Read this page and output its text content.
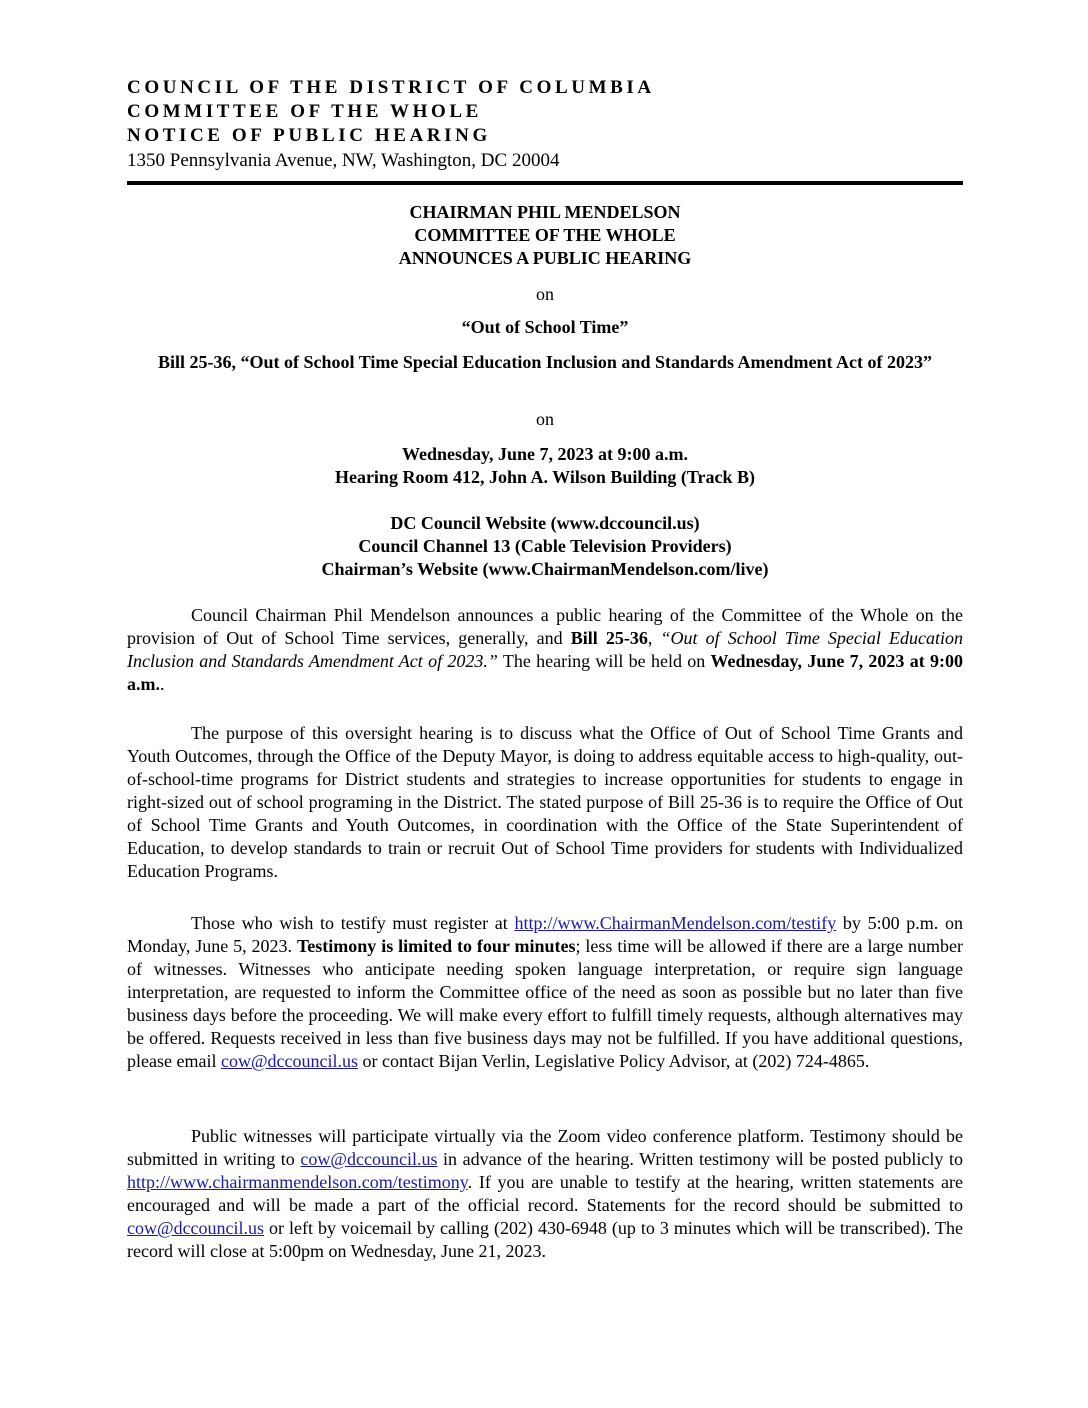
COUNCIL OF THE DISTRICT OF COLUMBIA
COMMITTEE OF THE WHOLE
NOTICE OF PUBLIC HEARING
1350 Pennsylvania Avenue, NW, Washington, DC 20004
CHAIRMAN PHIL MENDELSON
COMMITTEE OF THE WHOLE
ANNOUNCES A PUBLIC HEARING
on
“Out of School Time”
Bill 25-36, “Out of School Time Special Education Inclusion and Standards Amendment Act of 2023”
on
Wednesday, June 7, 2023 at 9:00 a.m.
Hearing Room 412, John A. Wilson Building (Track B)
DC Council Website (www.dccouncil.us)
Council Channel 13 (Cable Television Providers)
Chairman’s Website (www.ChairmanMendelson.com/live)

Council Chairman Phil Mendelson announces a public hearing of the Committee of the Whole on the provision of Out of School Time services, generally, and Bill 25-36, “Out of School Time Special Education Inclusion and Standards Amendment Act of 2023.” The hearing will be held on Wednesday, June 7, 2023 at 9:00 a.m..

The purpose of this oversight hearing is to discuss what the Office of Out of School Time Grants and Youth Outcomes, through the Office of the Deputy Mayor, is doing to address equitable access to high-quality, out-of-school-time programs for District students and strategies to increase opportunities for students to engage in right-sized out of school programing in the District. The stated purpose of Bill 25-36 is to require the Office of Out of School Time Grants and Youth Outcomes, in coordination with the Office of the State Superintendent of Education, to develop standards to train or recruit Out of School Time providers for students with Individualized Education Programs.

Those who wish to testify must register at http://www.ChairmanMendelson.com/testify by 5:00 p.m. on Monday, June 5, 2023. Testimony is limited to four minutes; less time will be allowed if there are a large number of witnesses. Witnesses who anticipate needing spoken language interpretation, or require sign language interpretation, are requested to inform the Committee office of the need as soon as possible but no later than five business days before the proceeding. We will make every effort to fulfill timely requests, although alternatives may be offered. Requests received in less than five business days may not be fulfilled. If you have additional questions, please email cow@dccouncil.us or contact Bijan Verlin, Legislative Policy Advisor, at (202) 724-4865.

Public witnesses will participate virtually via the Zoom video conference platform. Testimony should be submitted in writing to cow@dccouncil.us in advance of the hearing. Written testimony will be posted publicly to http://www.chairmanmendelson.com/testimony. If you are unable to testify at the hearing, written statements are encouraged and will be made a part of the official record. Statements for the record should be submitted to cow@dccouncil.us or left by voicemail by calling (202) 430-6948 (up to 3 minutes which will be transcribed). The record will close at 5:00pm on Wednesday, June 21, 2023.
